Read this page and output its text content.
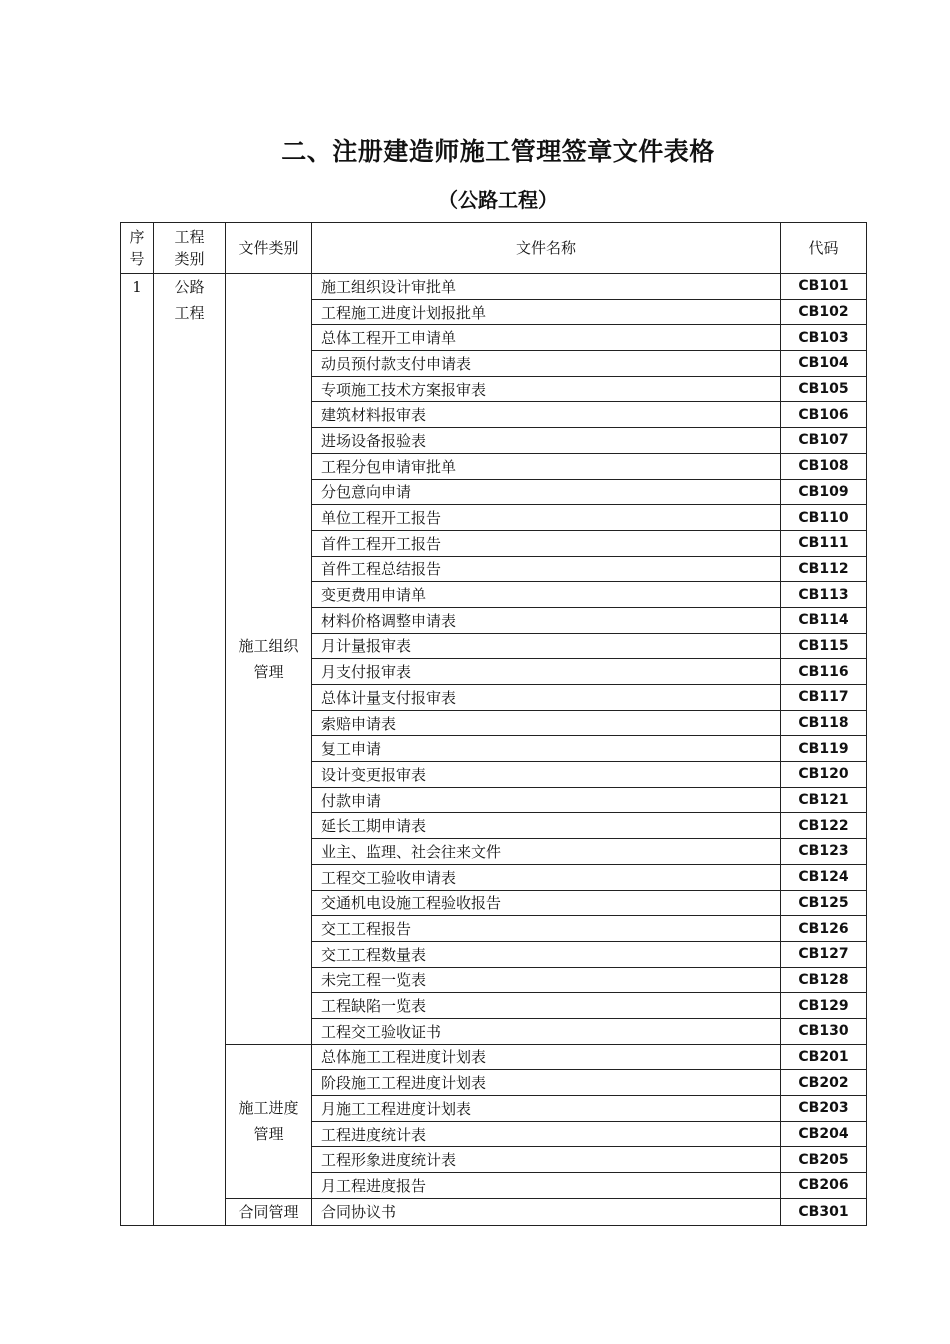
二、注册建造师施工管理签章文件表格
（公路工程）
序号	工程类别	文件类别	文件名称	代码
1	公路工程	施工组织管理	施工组织设计审批单	CB101
			工程施工进度计划报批单	CB102
			总体工程开工申请单	CB103
			动员预付款支付申请表	CB104
			专项施工技术方案报审表	CB105
			建筑材料报审表	CB106
			进场设备报验表	CB107
			工程分包申请审批单	CB108
			分包意向申请	CB109
			单位工程开工报告	CB110
			首件工程开工报告	CB111
			首件工程总结报告	CB112
			变更费用申请单	CB113
			材料价格调整申请表	CB114
			月计量报审表	CB115
			月支付报审表	CB116
			总体计量支付报审表	CB117
			索赔申请表	CB118
			复工申请	CB119
			设计变更报审表	CB120
			付款申请	CB121
			延长工期申请表	CB122
			业主、监理、社会往来文件	CB123
			工程交工验收申请表	CB124
			交通机电设施工程验收报告	CB125
			交工工程报告	CB126
			交工工程数量表	CB127
			未完工程一览表	CB128
			工程缺陷一览表	CB129
			工程交工验收证书	CB130
		施工进度管理	总体施工工程进度计划表	CB201
			阶段施工工程进度计划表	CB202
			月施工工程进度计划表	CB203
			工程进度统计表	CB204
			工程形象进度统计表	CB205
			月工程进度报告	CB206
		合同管理	合同协议书	CB301
